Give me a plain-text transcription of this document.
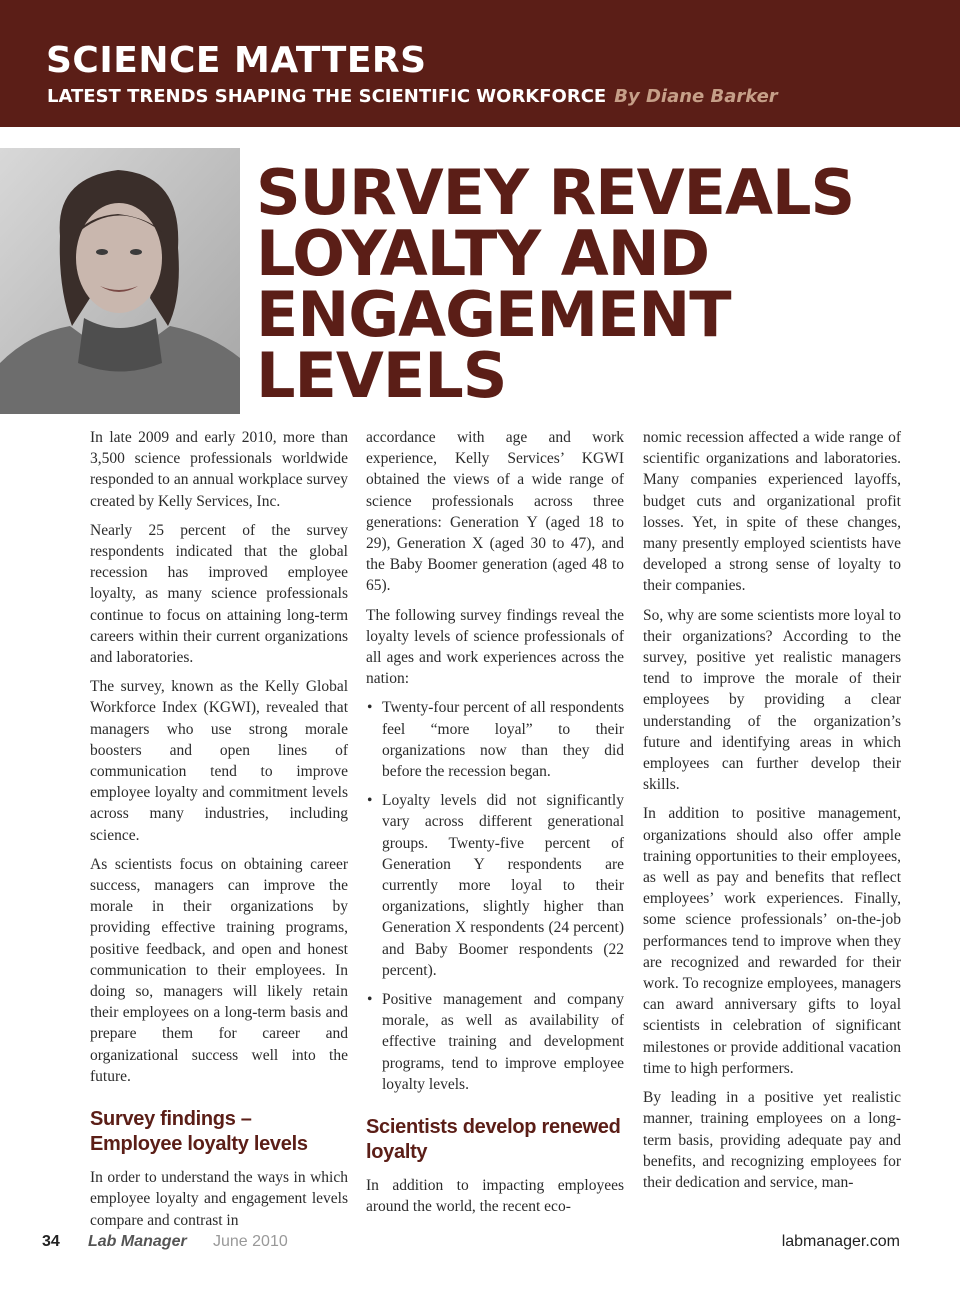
SCIENCE MATTERS
LATEST TRENDS SHAPING THE SCIENTIFIC WORKFORCE By Diane Barker
SURVEY REVEALS
LOYALTY AND
ENGAGEMENT
LEVELS

In late 2009 and early 2010, more than 3,500 science professionals worldwide responded to an annual workplace survey created by Kelly Services, Inc.

Nearly 25 percent of the survey respondents indicated that the global recession has improved employee loyalty, as many science professionals continue to focus on attaining long-term careers within their current organizations and laboratories.

The survey, known as the Kelly Global Workforce Index (KGWI), revealed that managers who use strong morale boosters and open lines of communication tend to improve employee loyalty and commitment levels across many industries, including science.

As scientists focus on obtaining career success, managers can improve the morale in their organizations by providing effective training programs, positive feedback, and open and honest communication to their employees. In doing so, managers will likely retain their employees on a long-term basis and prepare them for career and organizational success well into the future.

Survey findings – Employee loyalty levels

In order to understand the ways in which employee loyalty and engagement levels compare and contrast in

accordance with age and work experience, Kelly Services’ KGWI obtained the views of a wide range of science professionals across three generations: Generation Y (aged 18 to 29), Generation X (aged 30 to 47), and the Baby Boomer generation (aged 48 to 65).

The following survey findings reveal the loyalty levels of science professionals of all ages and work experiences across the nation:

• Twenty-four percent of all respondents feel “more loyal” to their organizations now than they did before the recession began.
• Loyalty levels did not significantly vary across different generational groups. Twenty-five percent of Generation Y respondents are currently more loyal to their organizations, slightly higher than Generation X respondents (24 percent) and Baby Boomer respondents (22 percent).
• Positive management and company morale, as well as availability of effective training and development programs, tend to improve employee loyalty levels.
Scientists develop renewed loyalty

In addition to impacting employees around the world, the recent eco-

nomic recession affected a wide range of scientific organizations and laboratories. Many companies experienced layoffs, budget cuts and organizational profit losses. Yet, in spite of these changes, many presently employed scientists have developed a strong sense of loyalty to their companies.

So, why are some scientists more loyal to their organizations? According to the survey, positive yet realistic managers tend to improve the morale of their employees by providing a clear understanding of the organization’s future and identifying areas in which employees can further develop their skills.

In addition to positive management, organizations should also offer ample training opportunities to their employees, as well as pay and benefits that reflect employees’ work experiences. Finally, some science professionals’ on-the-job performances tend to improve when they are recognized and rewarded for their work. To recognize employees, managers can award anniversary gifts to loyal scientists in celebration of significant milestones or provide additional vacation time to high performers.

By leading in a positive yet realistic manner, training employees on a long-term basis, providing adequate pay and benefits, and recognizing employees for their dedication and service, man-

34 Lab Manager June 2010	labmanager.com
